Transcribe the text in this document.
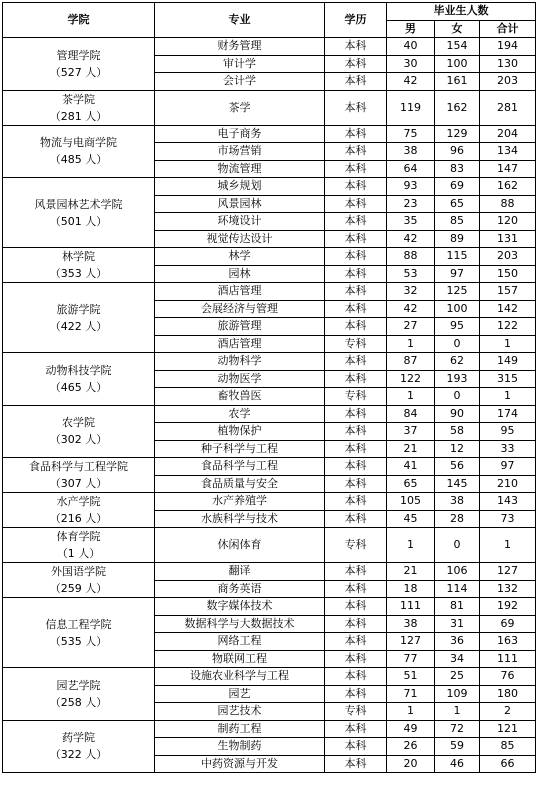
学院	专业	学历	毕业生人数		
			男	女	合计

管理学院
（527 人）	财务管理	本科	40	154	194
	审计学	本科	30	100	130
	会计学	本科	42	161	203

茶学院
（281 人）	茶学	本科	119	162	281

物流与电商学院
（485 人）	电子商务	本科	75	129	204
	市场营销	本科	38	96	134
	物流管理	本科	64	83	147

风景园林艺术学院
（501 人）	城乡规划	本科	93	69	162
	风景园林	本科	23	65	88
	环境设计	本科	35	85	120
	视觉传达设计	本科	42	89	131

林学院
（353 人）	林学	本科	88	115	203
	园林	本科	53	97	150

旅游学院
（422 人）	酒店管理	本科	32	125	157
	会展经济与管理	本科	42	100	142
	旅游管理	本科	27	95	122
	酒店管理	专科	1	0	1

动物科技学院
（465 人）	动物科学	本科	87	62	149
	动物医学	本科	122	193	315
	畜牧兽医	专科	1	0	1

农学院
（302 人）	农学	本科	84	90	174
	植物保护	本科	37	58	95
	种子科学与工程	本科	21	12	33

食品科学与工程学院
（307 人）	食品科学与工程	本科	41	56	97
	食品质量与安全	本科	65	145	210

水产学院
（216 人）	水产养殖学	本科	105	38	143
	水族科学与技术	本科	45	28	73

体育学院
（1 人）	休闲体育	专科	1	0	1

外国语学院
（259 人）	翻译	本科	21	106	127
	商务英语	本科	18	114	132

信息工程学院
（535 人）	数字媒体技术	本科	111	81	192
	数据科学与大数据技术	本科	38	31	69
	网络工程	本科	127	36	163
	物联网工程	本科	77	34	111

园艺学院
（258 人）	设施农业科学与工程	本科	51	25	76
	园艺	本科	71	109	180
	园艺技术	专科	1	1	2

药学院
（322 人）	制药工程	本科	49	72	121
	生物制药	本科	26	59	85
	中药资源与开发	本科	20	46	66
